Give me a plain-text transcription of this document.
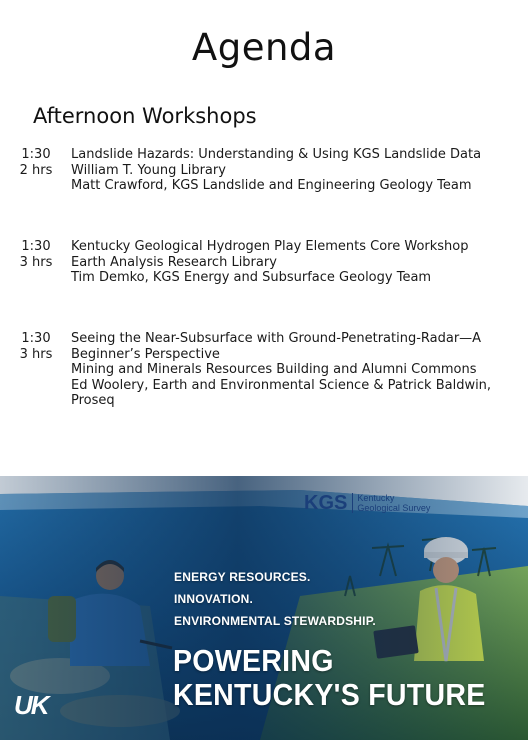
Agenda
Afternoon Workshops
1:30
2 hrs
Landslide Hazards: Understanding & Using KGS Landslide Data
William T. Young Library
Matt Crawford, KGS Landslide and Engineering Geology Team
1:30
3 hrs
Kentucky Geological Hydrogen Play Elements Core Workshop
Earth Analysis Research Library
Tim Demko, KGS Energy and Subsurface Geology Team
1:30
3 hrs
Seeing the Near-Subsurface with Ground-Penetrating-Radar—A
Beginner’s Perspective
Mining and Minerals Resources Building and Alumni Commons
Ed Woolery, Earth and Environmental Science & Patrick Baldwin,
Proseq
KGS Kentucky
Geological Survey
ENERGY RESOURCES.
INNOVATION.
ENVIRONMENTAL STEWARDSHIP.
POWERING
KENTUCKY'S FUTURE
UK
